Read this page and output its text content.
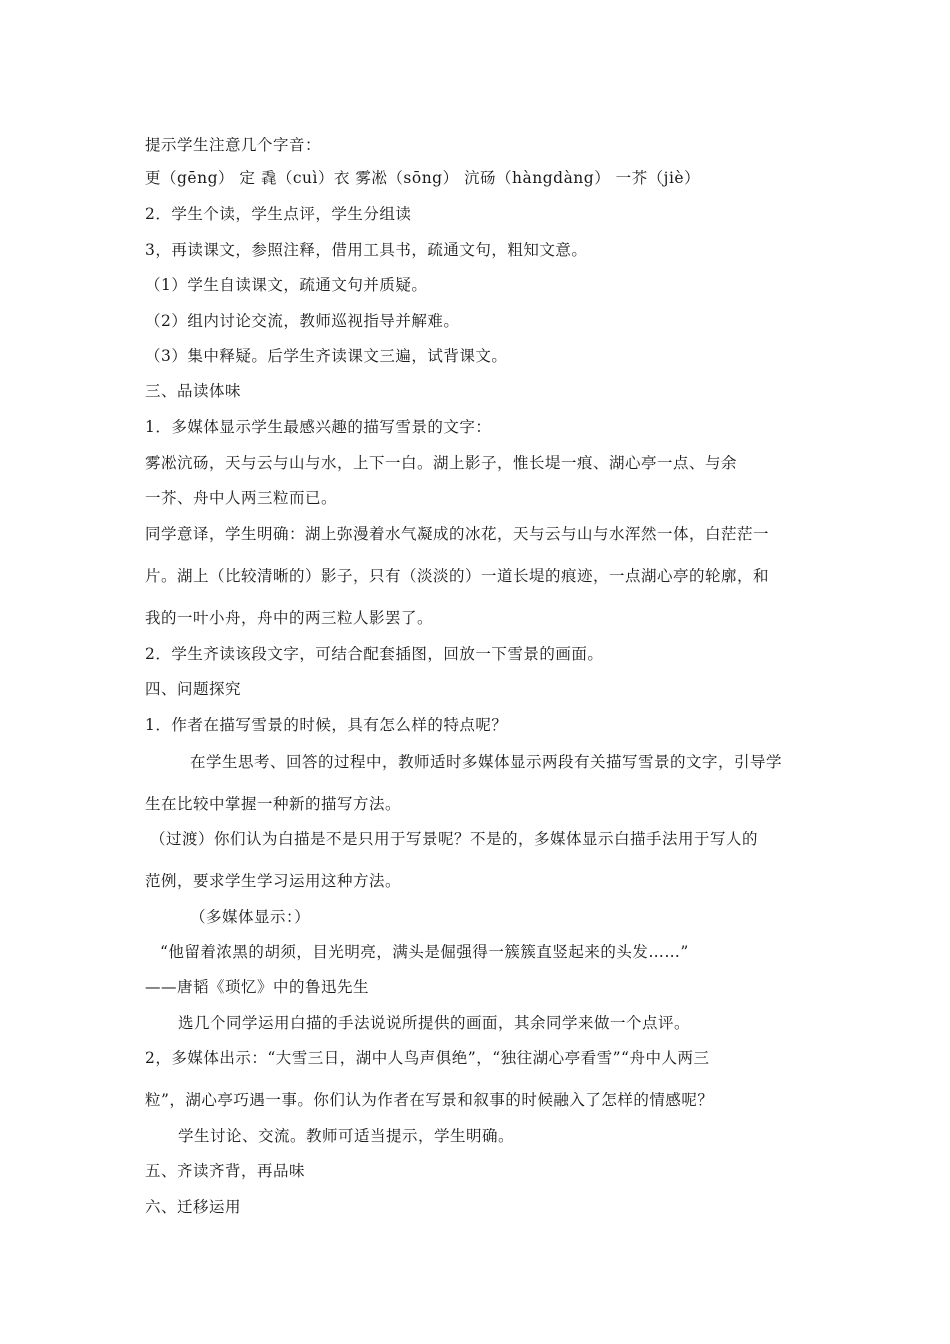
提示学生注意几个字音：
更（gēng） 定 毳（cuì）衣 雾凇（sōng） 沆砀（hàngdàng） 一芥（jiè）
2．学生个读，学生点评，学生分组读
3，再读课文，参照注释，借用工具书，疏通文句，粗知文意。
（1）学生自读课文，疏通文句并质疑。
（2）组内讨论交流，教师巡视指导并解难。
（3）集中释疑。后学生齐读课文三遍，试背课文。
三、品读体味
1．多媒体显示学生最感兴趣的描写雪景的文字：
雾凇沆砀，天与云与山与水，上下一白。湖上影子，惟长堤一痕、湖心亭一点、与余
一芥、舟中人两三粒而已。
同学意译，学生明确：湖上弥漫着水气凝成的冰花，天与云与山与水浑然一体，白茫茫一
片。湖上（比较清晰的）影子，只有（淡淡的）一道长堤的痕迹，一点湖心亭的轮廓，和
我的一叶小舟，舟中的两三粒人影罢了。
2．学生齐读该段文字，可结合配套插图，回放一下雪景的画面。
四、问题探究
1．作者在描写雪景的时候，具有怎么样的特点呢？
在学生思考、回答的过程中，教师适时多媒体显示两段有关描写雪景的文字，引导学
生在比较中掌握一种新的描写方法。
（过渡）你们认为白描是不是只用于写景呢？不是的，多媒体显示白描手法用于写人的
范例，要求学生学习运用这种方法。
（多媒体显示：）
“他留着浓黑的胡须，目光明亮，满头是倔强得一簇簇直竖起来的头发……”
——唐韬《琐忆》中的鲁迅先生
选几个同学运用白描的手法说说所提供的画面，其余同学来做一个点评。
2，多媒体出示：“大雪三日，湖中人鸟声俱绝”，“独往湖心亭看雪”“舟中人两三
粒”，湖心亭巧遇一事。你们认为作者在写景和叙事的时候融入了怎样的情感呢？
学生讨论、交流。教师可适当提示，学生明确。
五、齐读齐背，再品味
六、迁移运用
